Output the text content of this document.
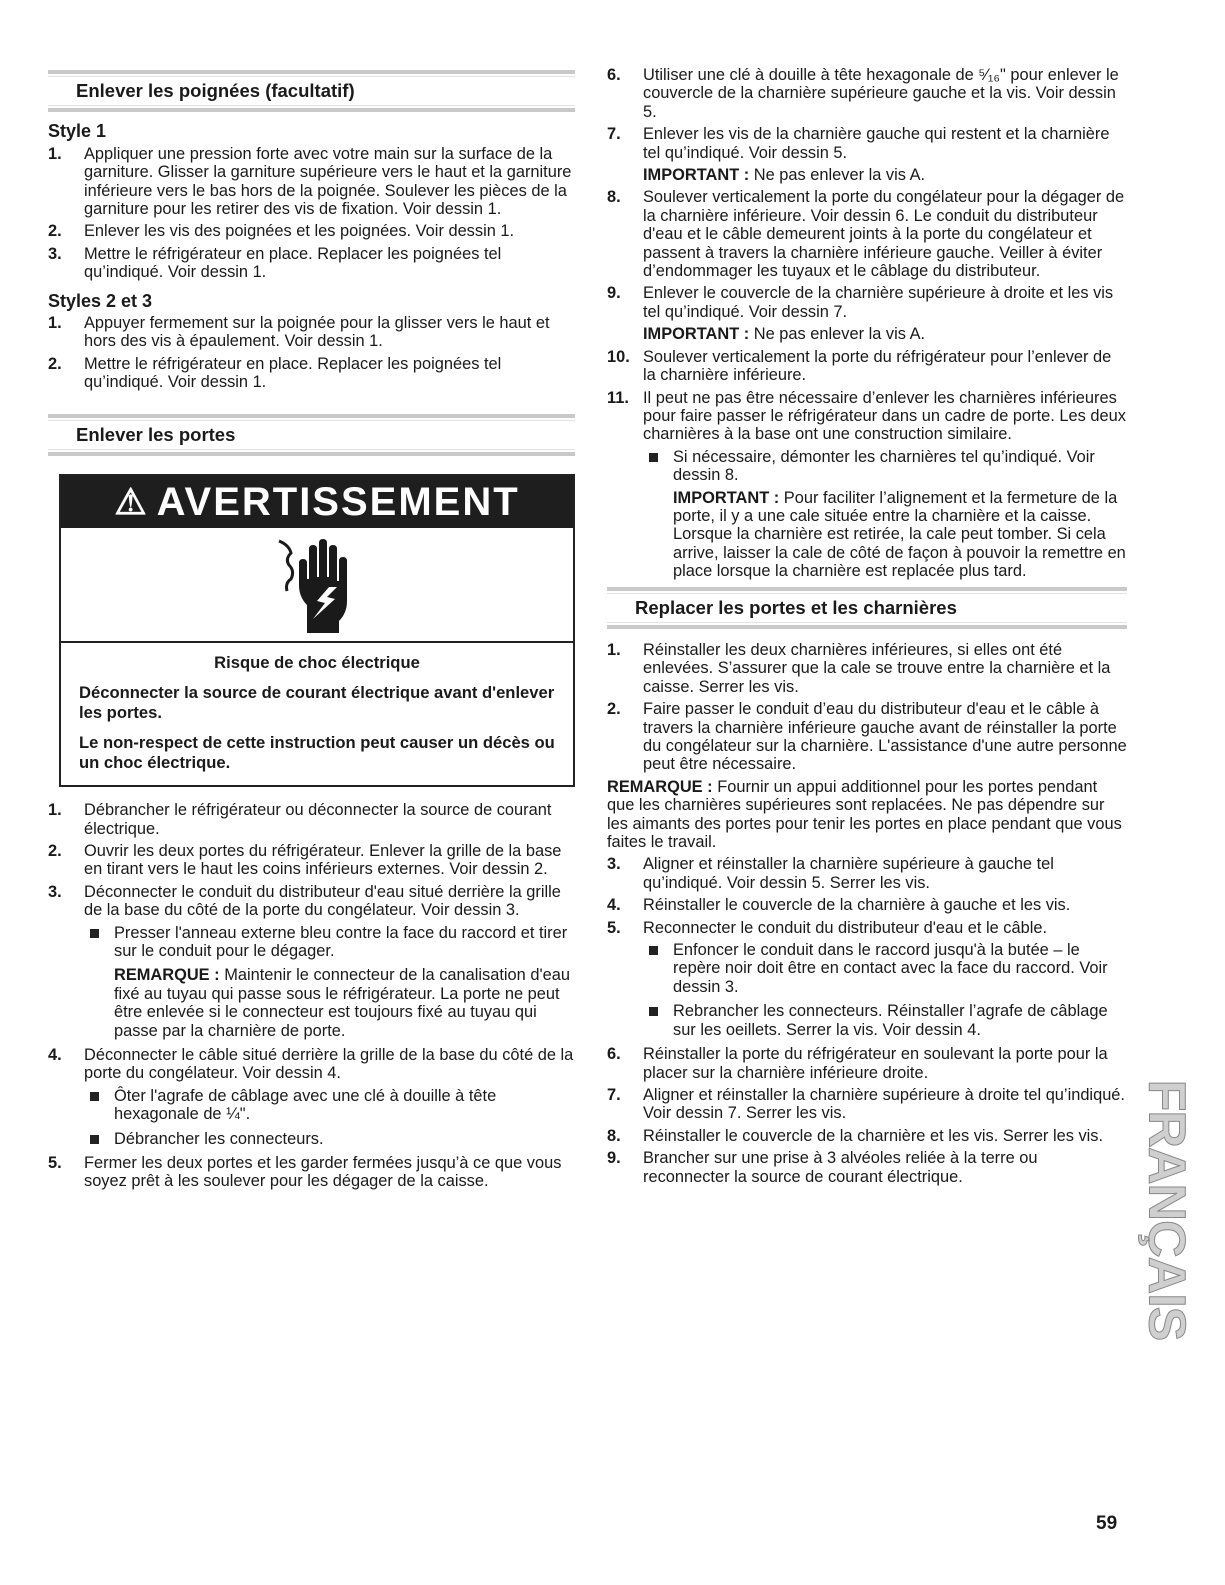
Enlever les poignées (facultatif)
Style 1
1. Appliquer une pression forte avec votre main sur la surface de la garniture. Glisser la garniture supérieure vers le haut et la garniture inférieure vers le bas hors de la poignée. Soulever les pièces de la garniture pour les retirer des vis de fixation. Voir dessin 1.
2. Enlever les vis des poignées et les poignées. Voir dessin 1.
3. Mettre le réfrigérateur en place. Replacer les poignées tel qu’indiqué. Voir dessin 1.
Styles 2 et 3
1. Appuyer fermement sur la poignée pour la glisser vers le haut et hors des vis à épaulement. Voir dessin 1.
2. Mettre le réfrigérateur en place. Replacer les poignées tel qu’indiqué. Voir dessin 1.
Enlever les portes
⚠ AVERTISSEMENT
Risque de choc électrique

Déconnecter la source de courant électrique avant d'enlever les portes.

Le non-respect de cette instruction peut causer un décès ou un choc électrique.

1. Débrancher le réfrigérateur ou déconnecter la source de courant électrique.
2. Ouvrir les deux portes du réfrigérateur. Enlever la grille de la base en tirant vers le haut les coins inférieurs externes. Voir dessin 2.
3. Déconnecter le conduit du distributeur d'eau situé derrière la grille de la base du côté de la porte du congélateur. Voir dessin 3.
Presser l'anneau externe bleu contre la face du raccord et tirer sur le conduit pour le dégager.
REMARQUE : Maintenir le connecteur de la canalisation d'eau fixé au tuyau qui passe sous le réfrigérateur. La porte ne peut être enlevée si le connecteur est toujours fixé au tuyau qui passe par la charnière de porte.
4. Déconnecter le câble situé derrière la grille de la base du côté de la porte du congélateur. Voir dessin 4.
Ôter l'agrafe de câblage avec une clé à douille à tête hexagonale de ¼".
Débrancher les connecteurs.
5. Fermer les deux portes et les garder fermées jusqu’à ce que vous soyez prêt à les soulever pour les dégager de la caisse.
6. Utiliser une clé à douille à tête hexagonale de ⁵⁄₁₆" pour enlever le couvercle de la charnière supérieure gauche et la vis. Voir dessin 5.
7. Enlever les vis de la charnière gauche qui restent et la charnière tel qu’indiqué. Voir dessin 5.
IMPORTANT : Ne pas enlever la vis A.
8. Soulever verticalement la porte du congélateur pour la dégager de la charnière inférieure. Voir dessin 6. Le conduit du distributeur d'eau et le câble demeurent joints à la porte du congélateur et passent à travers la charnière inférieure gauche. Veiller à éviter d’endommager les tuyaux et le câblage du distributeur.
9. Enlever le couvercle de la charnière supérieure à droite et les vis tel qu’indiqué. Voir dessin 7.
IMPORTANT : Ne pas enlever la vis A.
10. Soulever verticalement la porte du réfrigérateur pour l’enlever de la charnière inférieure.
11. Il peut ne pas être nécessaire d’enlever les charnières inférieures pour faire passer le réfrigérateur dans un cadre de porte. Les deux charnières à la base ont une construction similaire.
Si nécessaire, démonter les charnières tel qu’indiqué. Voir dessin 8.
IMPORTANT : Pour faciliter l’alignement et la fermeture de la porte, il y a une cale située entre la charnière et la caisse. Lorsque la charnière est retirée, la cale peut tomber. Si cela arrive, laisser la cale de côté de façon à pouvoir la remettre en place lorsque la charnière est replacée plus tard.
Replacer les portes et les charnières
1. Réinstaller les deux charnières inférieures, si elles ont été enlevées. S’assurer que la cale se trouve entre la charnière et la caisse. Serrer les vis.
2. Faire passer le conduit d’eau du distributeur d'eau et le câble à travers la charnière inférieure gauche avant de réinstaller la porte du congélateur sur la charnière. L'assistance d'une autre personne peut être nécessaire.
REMARQUE : Fournir un appui additionnel pour les portes pendant que les charnières supérieures sont replacées. Ne pas dépendre sur les aimants des portes pour tenir les portes en place pendant que vous faites le travail.
3. Aligner et réinstaller la charnière supérieure à gauche tel qu’indiqué. Voir dessin 5. Serrer les vis.
4. Réinstaller le couvercle de la charnière à gauche et les vis.
5. Reconnecter le conduit du distributeur d'eau et le câble.
Enfoncer le conduit dans le raccord jusqu'à la butée – le repère noir doit être en contact avec la face du raccord. Voir dessin 3.
Rebrancher les connecteurs. Réinstaller l’agrafe de câblage sur les oeillets. Serrer la vis. Voir dessin 4.
6. Réinstaller la porte du réfrigérateur en soulevant la porte pour la placer sur la charnière inférieure droite.
7. Aligner et réinstaller la charnière supérieure à droite tel qu’indiqué. Voir dessin 7. Serrer les vis.
8. Réinstaller le couvercle de la charnière et les vis. Serrer les vis.
9. Brancher sur une prise à 3 alvéoles reliée à la terre ou reconnecter la source de courant électrique.	FRANÇAIS
59
